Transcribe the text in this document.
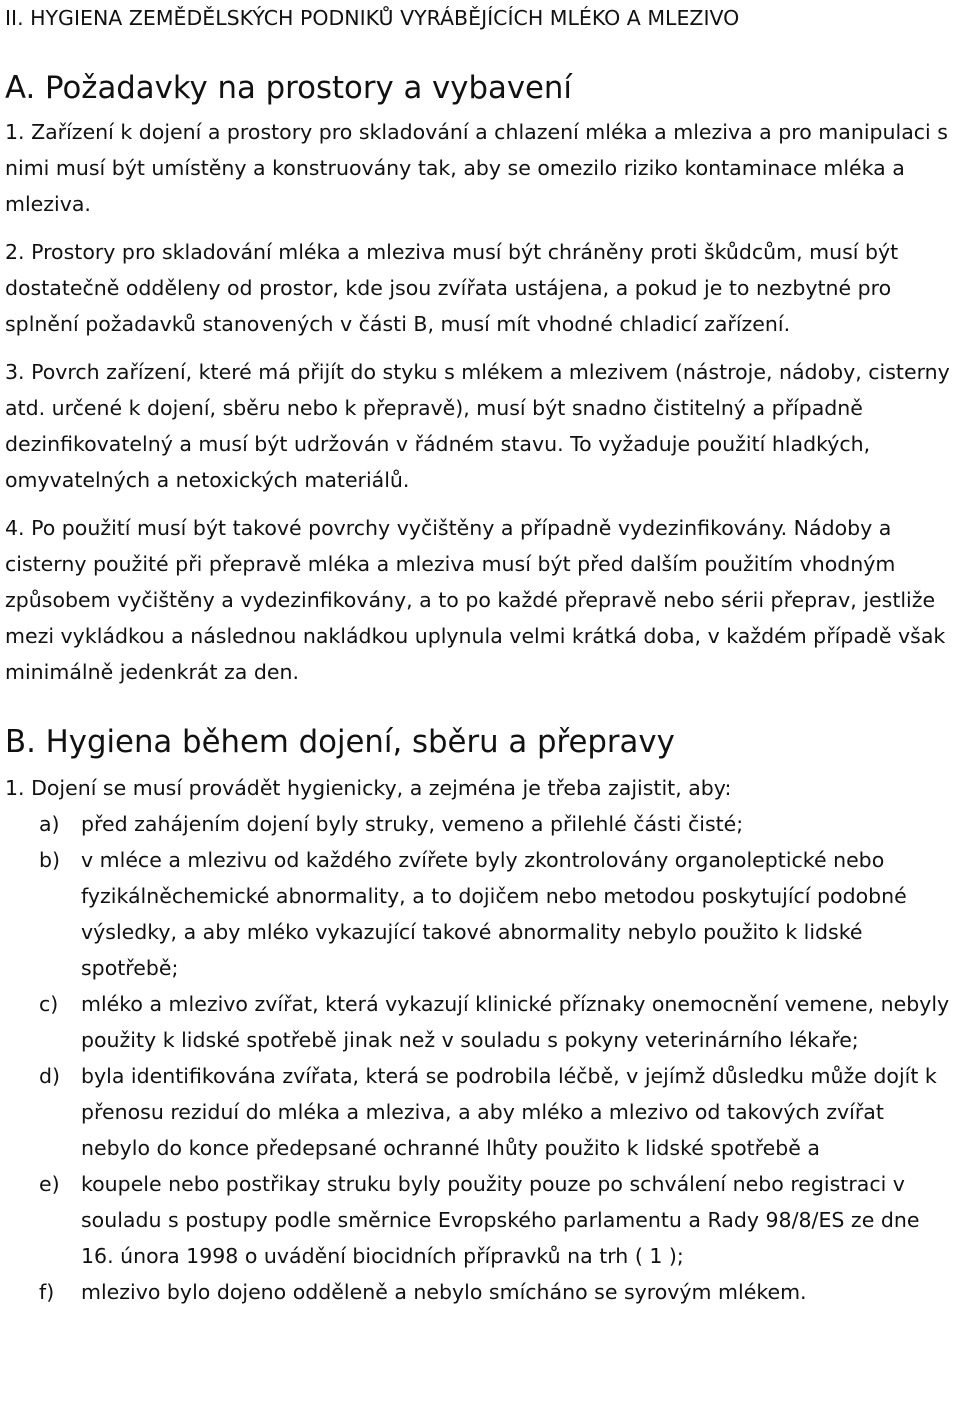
II. HYGIENA ZEMĚDĚLSKÝCH PODNIKŮ VYRÁBĚJÍCÍCH MLÉKO A MLEZIVO
A. Požadavky na prostory a vybavení

1. Zařízení k dojení a prostory pro skladování a chlazení mléka a mleziva a pro manipulaci s nimi musí být umístěny a konstruovány tak, aby se omezilo riziko kontaminace mléka a mleziva.

2. Prostory pro skladování mléka a mleziva musí být chráněny proti škůdcům, musí být dostatečně odděleny od prostor, kde jsou zvířata ustájena, a pokud je to nezbytné pro splnění požadavků stanovených v části B, musí mít vhodné chladicí zařízení.

3. Povrch zařízení, které má přijít do styku s mlékem a mlezivem (nástroje, nádoby, cisterny atd. určené k dojení, sběru nebo k přepravě), musí být snadno čistitelný a případně dezinfikovatelný a musí být udržován v řádném stavu. To vyžaduje použití hladkých, omyvatelných a netoxických materiálů.

4. Po použití musí být takové povrchy vyčištěny a případně vydezinfikovány. Nádoby a cisterny použité při přepravě mléka a mleziva musí být před dalším použitím vhodným způsobem vyčištěny a vydezinfikovány, a to po každé přepravě nebo sérii přeprav, jestliže mezi vykládkou a následnou nakládkou uplynula velmi krátká doba, v každém případě však minimálně jedenkrát za den.

B. Hygiena během dojení, sběru a přepravy

1. Dojení se musí provádět hygienicky, a zejména je třeba zajistit, aby:

a)	před zahájením dojení byly struky, vemeno a přilehlé části čisté;
b)	v mléce a mlezivu od každého zvířete byly zkontrolovány organoleptické nebo fyzikálněchemické abnormality, a to dojičem nebo metodou poskytující podobné výsledky, a aby mléko vykazující takové abnormality nebylo použito k lidské spotřebě;
c)	mléko a mlezivo zvířat, která vykazují klinické příznaky onemocnění vemene, nebyly použity k lidské spotřebě jinak než v souladu s pokyny veterinárního lékaře;
d)	byla identifikována zvířata, která se podrobila léčbě, v jejímž důsledku může dojít k přenosu reziduí do mléka a mleziva, a aby mléko a mlezivo od takových zvířat nebylo do konce předepsané ochranné lhůty použito k lidské spotřebě a
e)	koupele nebo postřikay struku byly použity pouze po schválení nebo registraci v souladu s postupy podle směrnice Evropského parlamentu a Rady 98/8/ES ze dne 16. února 1998 o uvádění biocidních přípravků na trh ( 1 );
f)	mlezivo bylo dojeno odděleně a nebylo smícháno se syrovým mlékem.
